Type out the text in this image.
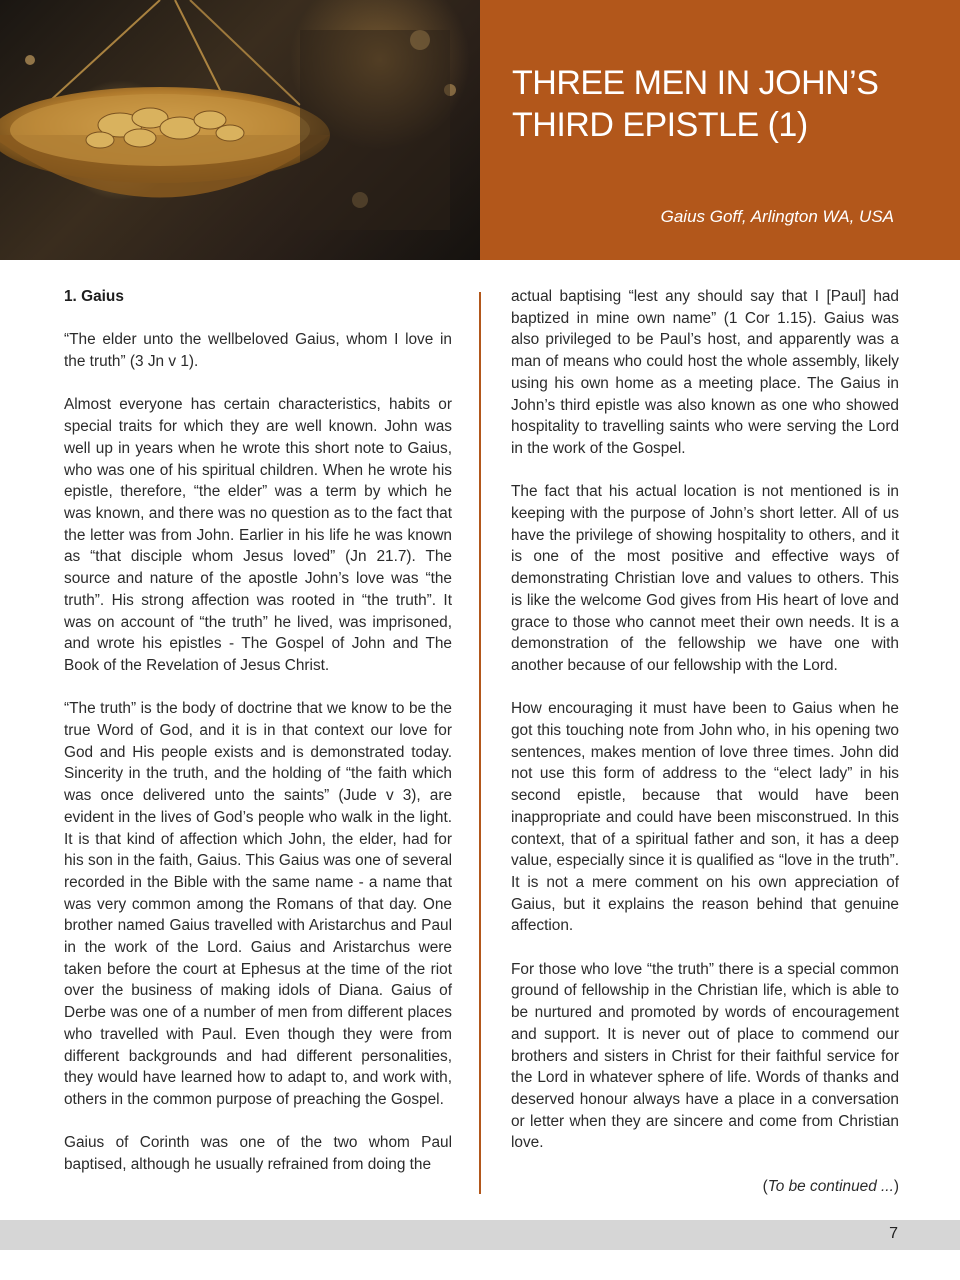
THREE MEN IN JOHN’S
THIRD EPISTLE (1)
Gaius Goff, Arlington WA, USA

1. Gaius

“The elder unto the wellbeloved Gaius, whom I love in the truth” (3 Jn v 1).

Almost everyone has certain characteristics, habits or special traits for which they are well known. John was well up in years when he wrote this short note to Gaius, who was one of his spiritual children. When he wrote his epistle, therefore, “the elder” was a term by which he was known, and there was no question as to the fact that the letter was from John. Earlier in his life he was known as “that disciple whom Jesus loved” (Jn 21.7). The source and nature of the apostle John’s love was “the truth”. His strong affection was rooted in “the truth”. It was on account of “the truth” he lived, was imprisoned, and wrote his epistles - The Gospel of John and The Book of the Revelation of Jesus Christ.

“The truth” is the body of doctrine that we know to be the true Word of God, and it is in that context our love for God and His people exists and is demonstrated today. Sincerity in the truth, and the holding of “the faith which was once delivered unto the saints” (Jude v 3), are evident in the lives of God’s people who walk in the light. It is that kind of affection which John, the elder, had for his son in the faith, Gaius. This Gaius was one of several recorded in the Bible with the same name - a name that was very common among the Romans of that day. One brother named Gaius travelled with Aristarchus and Paul in the work of the Lord. Gaius and Aristarchus were taken before the court at Ephesus at the time of the riot over the business of making idols of Diana. Gaius of Derbe was one of a number of men from different places who travelled with Paul. Even though they were from different backgrounds and had different personalities, they would have learned how to adapt to, and work with, others in the common purpose of preaching the Gospel.

Gaius of Corinth was one of the two whom Paul baptised, although he usually refrained from doing the

actual baptising “lest any should say that I [Paul] had baptized in mine own name” (1 Cor 1.15). Gaius was also privileged to be Paul’s host, and apparently was a man of means who could host the whole assembly, likely using his own home as a meeting place. The Gaius in John’s third epistle was also known as one who showed hospitality to travelling saints who were serving the Lord in the work of the Gospel.

The fact that his actual location is not mentioned is in keeping with the purpose of John’s short letter. All of us have the privilege of showing hospitality to others, and it is one of the most positive and effective ways of demonstrating Christian love and values to others. This is like the welcome God gives from His heart of love and grace to those who cannot meet their own needs. It is a demonstration of the fellowship we have one with another because of our fellowship with the Lord.

How encouraging it must have been to Gaius when he got this touching note from John who, in his opening two sentences, makes mention of love three times. John did not use this form of address to the “elect lady” in his second epistle, because that would have been inappropriate and could have been misconstrued. In this context, that of a spiritual father and son, it has a deep value, especially since it is qualified as “love in the truth”. It is not a mere comment on his own appreciation of Gaius, but it explains the reason behind that genuine affection.

For those who love “the truth” there is a special common ground of fellowship in the Christian life, which is able to be nurtured and promoted by words of encouragement and support. It is never out of place to commend our brothers and sisters in Christ for their faithful service for the Lord in whatever sphere of life. Words of thanks and deserved honour always have a place in a conversation or letter when they are sincere and come from Christian love.

(To be continued ...)

7
